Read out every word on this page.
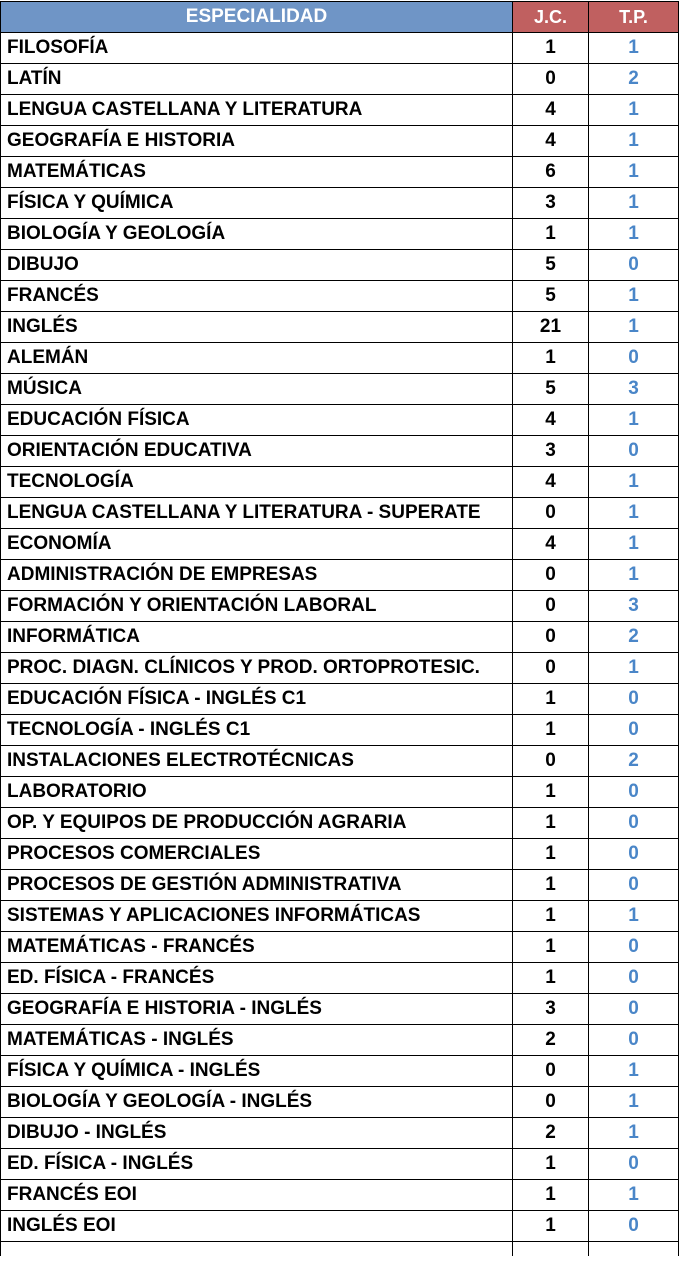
ESPECIALIDAD	J.C.	T.P.
FILOSOFÍA	1	1
LATÍN	0	2
LENGUA CASTELLANA Y LITERATURA	4	1
GEOGRAFÍA E HISTORIA	4	1
MATEMÁTICAS	6	1
FÍSICA Y QUÍMICA	3	1
BIOLOGÍA Y GEOLOGÍA	1	1
DIBUJO	5	0
FRANCÉS	5	1
INGLÉS	21	1
ALEMÁN	1	0
MÚSICA	5	3
EDUCACIÓN FÍSICA	4	1
ORIENTACIÓN EDUCATIVA	3	0
TECNOLOGÍA	4	1
LENGUA CASTELLANA Y LITERATURA - SUPERATE	0	1
ECONOMÍA	4	1
ADMINISTRACIÓN DE EMPRESAS	0	1
FORMACIÓN Y ORIENTACIÓN LABORAL	0	3
INFORMÁTICA	0	2
PROC. DIAGN. CLÍNICOS Y PROD. ORTOPROTESIC.	0	1
EDUCACIÓN FÍSICA - INGLÉS C1	1	0
TECNOLOGÍA - INGLÉS C1	1	0
INSTALACIONES ELECTROTÉCNICAS	0	2
LABORATORIO	1	0
OP. Y EQUIPOS DE PRODUCCIÓN AGRARIA	1	0
PROCESOS COMERCIALES	1	0
PROCESOS DE GESTIÓN ADMINISTRATIVA	1	0
SISTEMAS Y APLICACIONES INFORMÁTICAS	1	1
MATEMÁTICAS - FRANCÉS	1	0
ED. FÍSICA - FRANCÉS	1	0
GEOGRAFÍA E HISTORIA - INGLÉS	3	0
MATEMÁTICAS - INGLÉS	2	0
FÍSICA Y QUÍMICA - INGLÉS	0	1
BIOLOGÍA Y GEOLOGÍA - INGLÉS	0	1
DIBUJO - INGLÉS	2	1
ED. FÍSICA - INGLÉS	1	0
FRANCÉS EOI	1	1
INGLÉS EOI	1	0
